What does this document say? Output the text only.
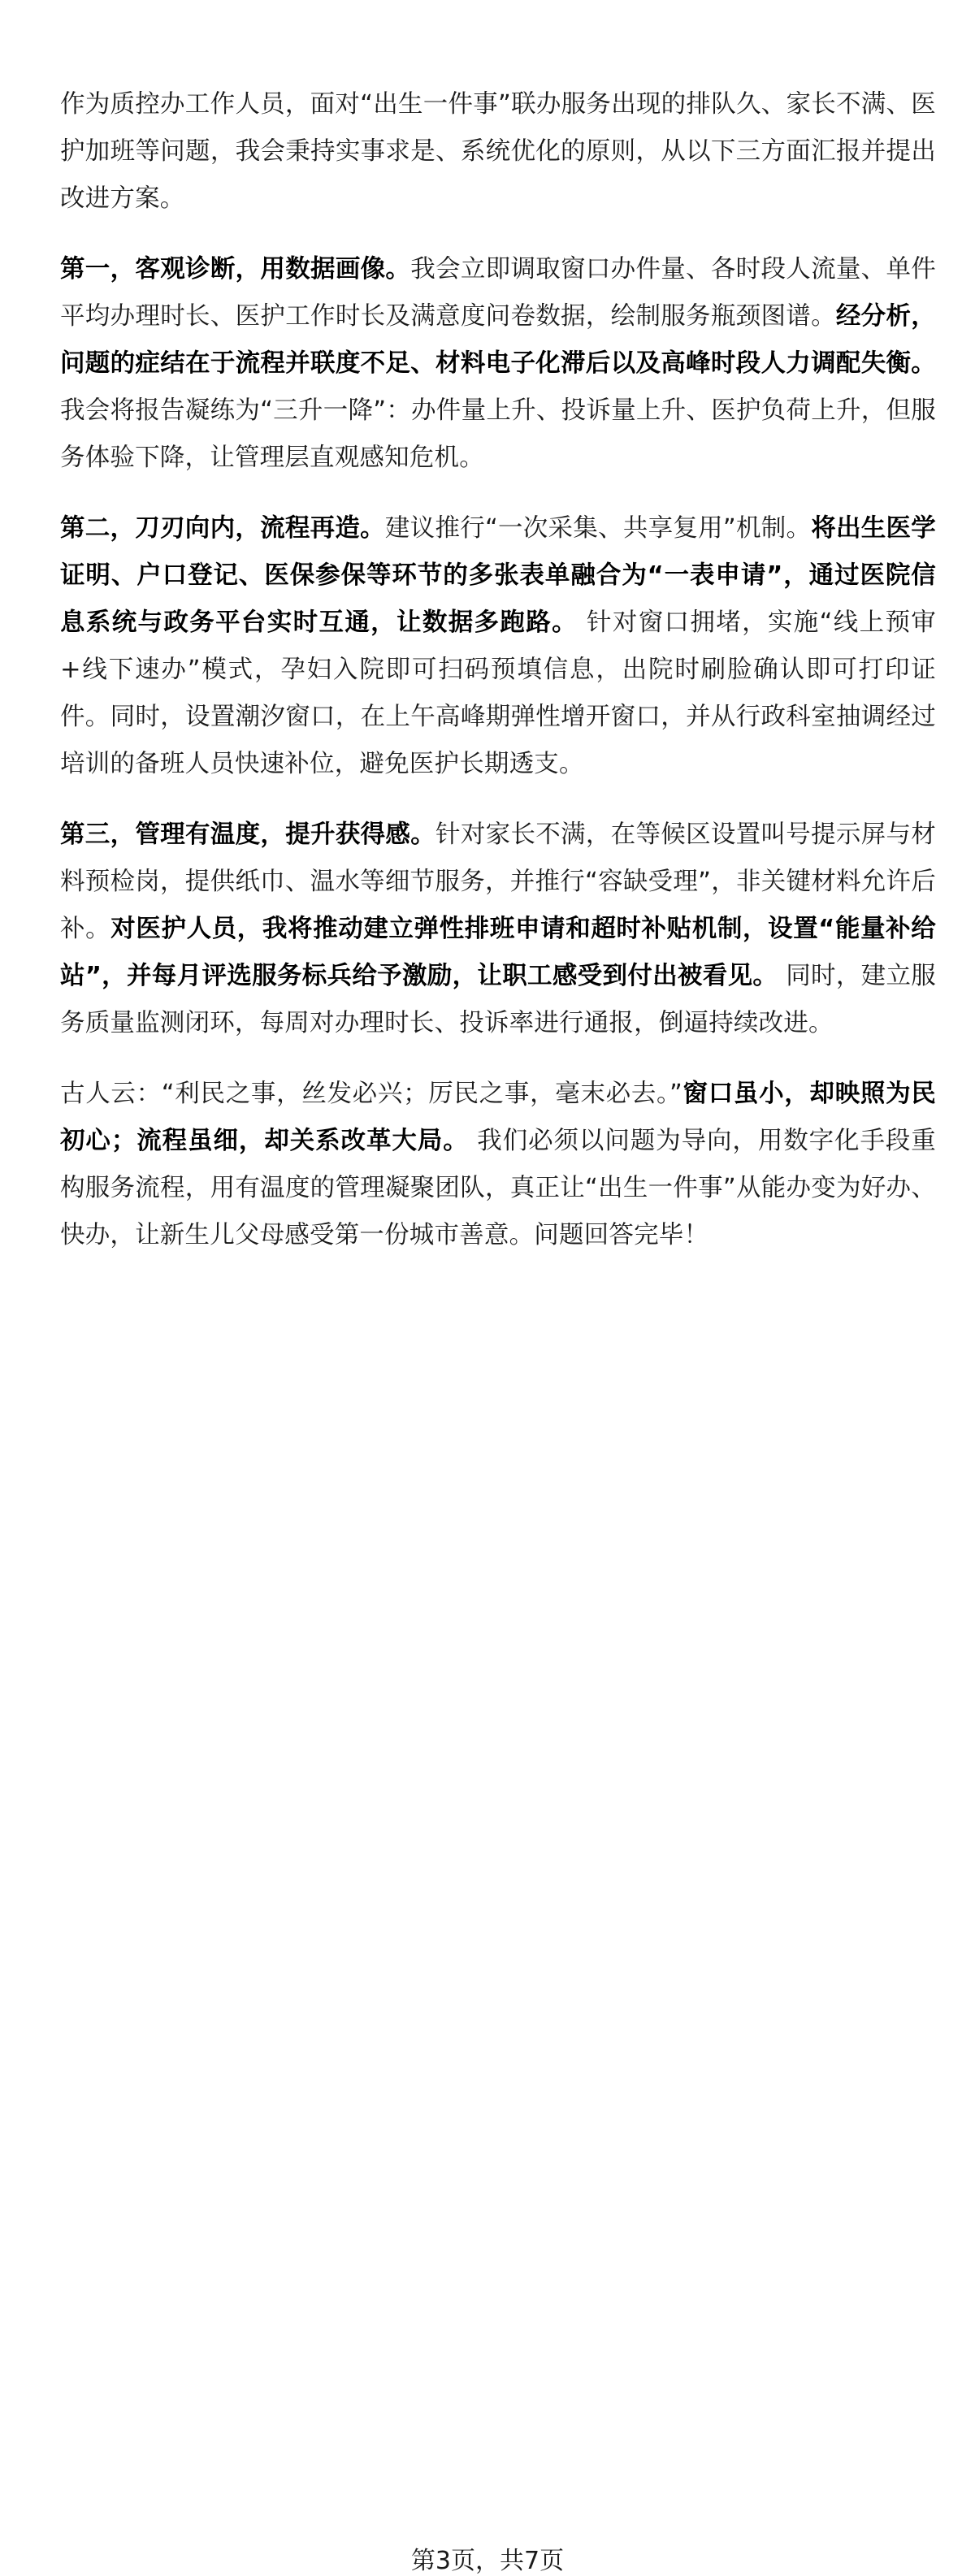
作为质控办工作人员，面对“出生一件事”联办服务出现的排队久、家长不满、医护加班等问题，我会秉持实事求是、系统优化的原则，从以下三方面汇报并提出改进方案。

第一，客观诊断，用数据画像。我会立即调取窗口办件量、各时段人流量、单件平均办理时长、医护工作时长及满意度问卷数据，绘制服务瓶颈图谱。经分析，问题的症结在于流程并联度不足、材料电子化滞后以及高峰时段人力调配失衡。 我会将报告凝练为“三升一降”：办件量上升、投诉量上升、医护负荷上升，但服务体验下降，让管理层直观感知危机。

第二，刀刃向内，流程再造。建议推行“一次采集、共享复用”机制。将出生医学证明、户口登记、医保参保等环节的多张表单融合为“一表申请”，通过医院信息系统与政务平台实时互通，让数据多跑路。 针对窗口拥堵，实施“线上预审+线下速办”模式，孕妇入院即可扫码预填信息，出院时刷脸确认即可打印证件。同时，设置潮汐窗口，在上午高峰期弹性增开窗口，并从行政科室抽调经过培训的备班人员快速补位，避免医护长期透支。

第三，管理有温度，提升获得感。针对家长不满，在等候区设置叫号提示屏与材料预检岗，提供纸巾、温水等细节服务，并推行“容缺受理”，非关键材料允许后补。对医护人员，我将推动建立弹性排班申请和超时补贴机制，设置“能量补给站”，并每月评选服务标兵给予激励，让职工感受到付出被看见。 同时，建立服务质量监测闭环，每周对办理时长、投诉率进行通报，倒逼持续改进。

古人云：“利民之事，丝发必兴；厉民之事，毫末必去。”窗口虽小，却映照为民初心；流程虽细，却关系改革大局。 我们必须以问题为导向，用数字化手段重构服务流程，用有温度的管理凝聚团队，真正让“出生一件事”从能办变为好办、快办，让新生儿父母感受第一份城市善意。问题回答完毕！

第3页，共7页
